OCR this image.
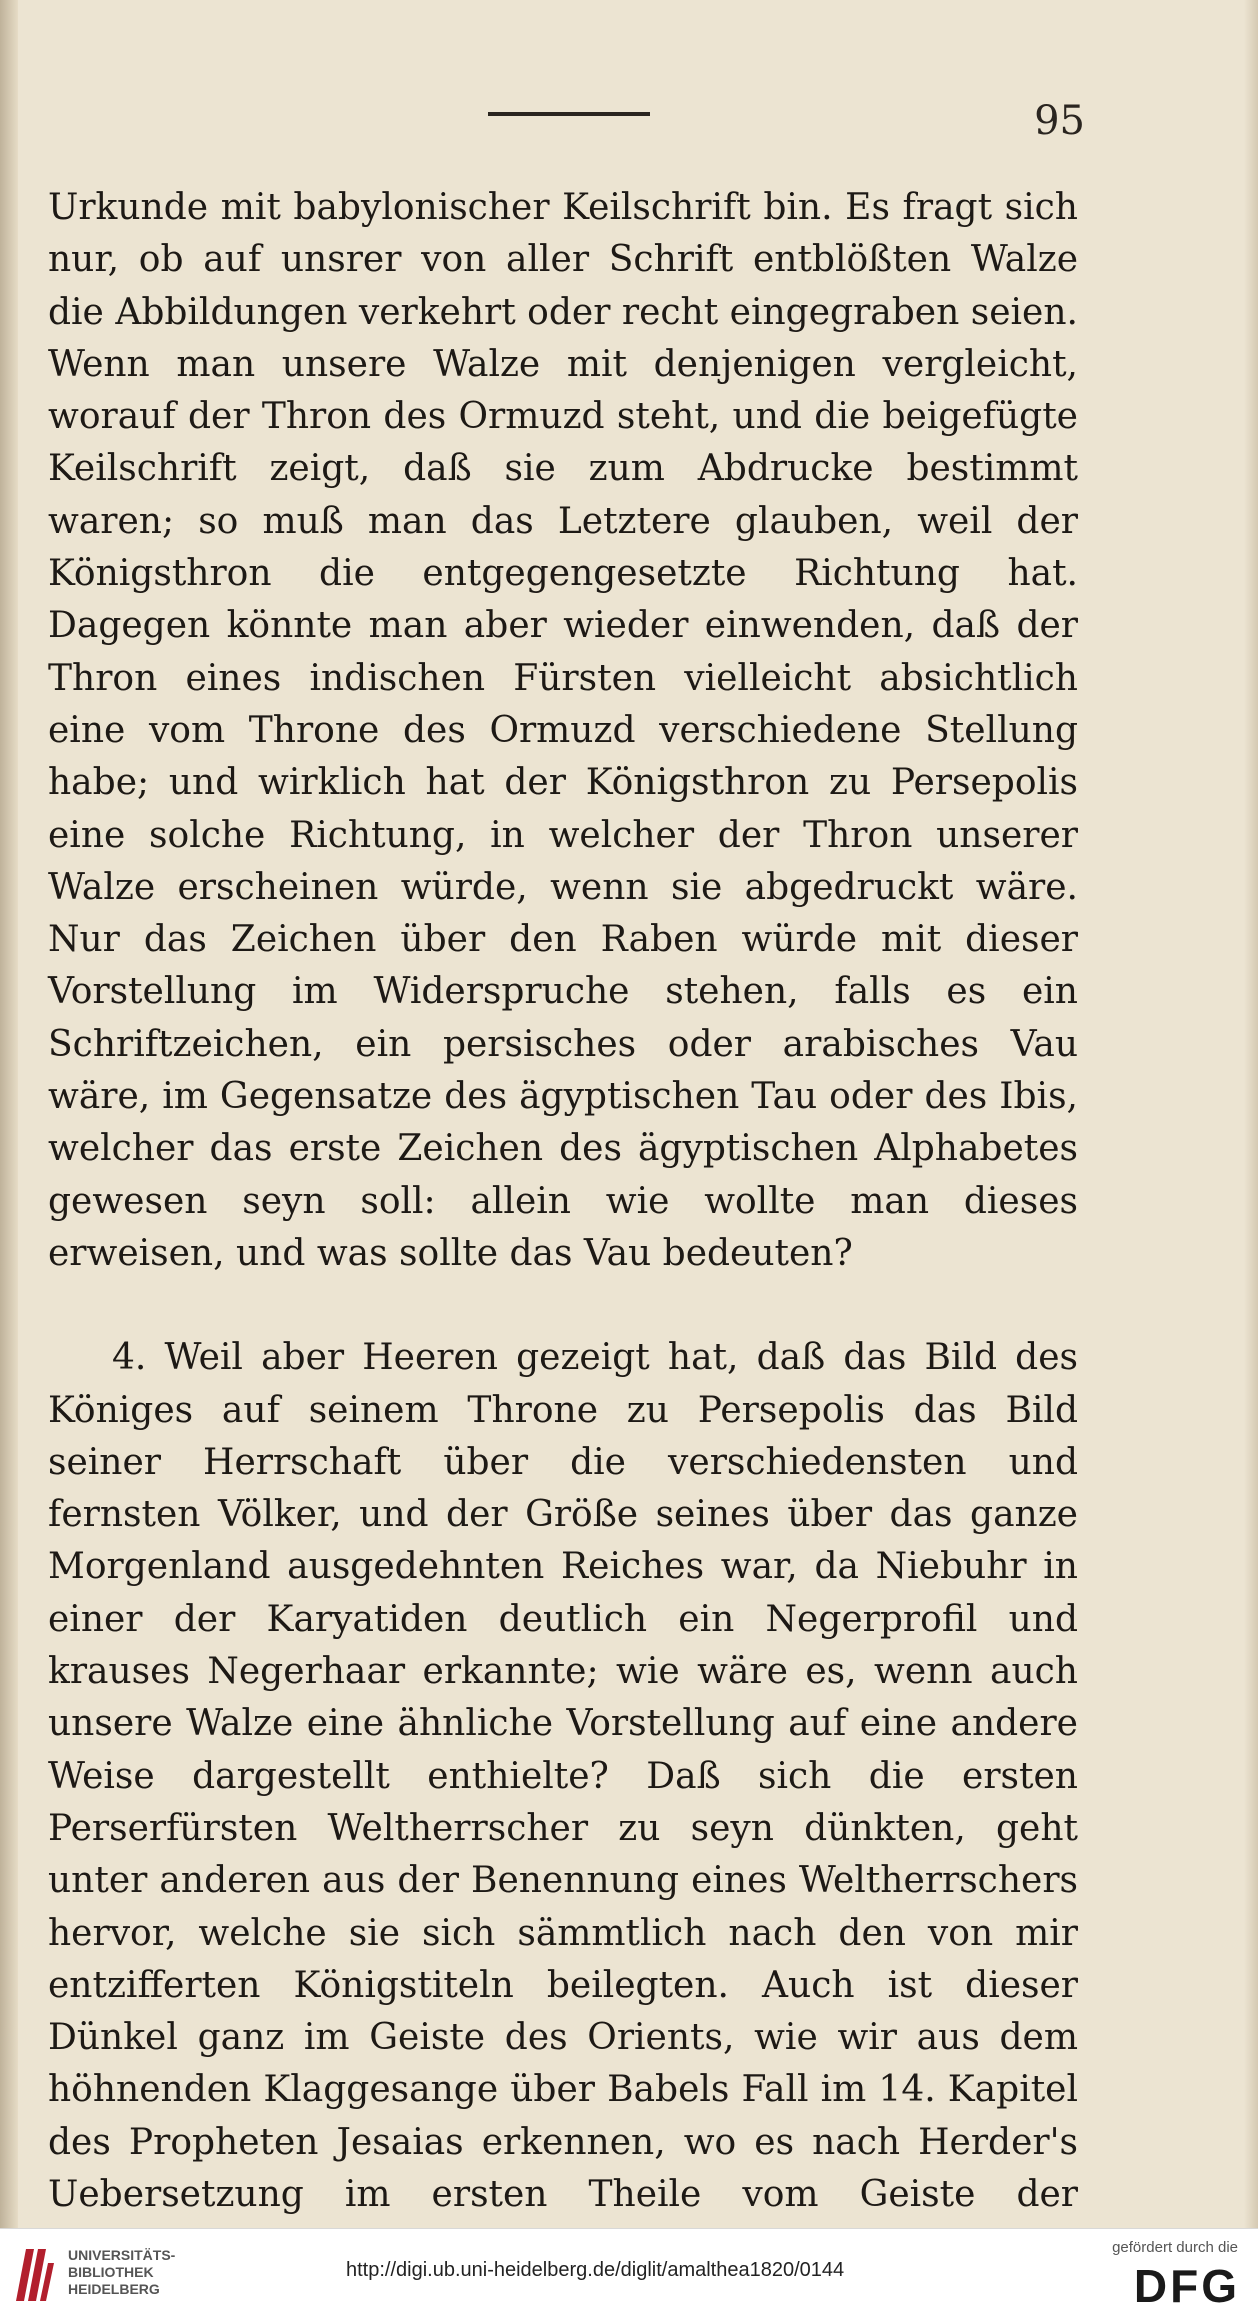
95

Urkunde mit babylonischer Keilschrift bin. Es fragt sich nur, ob auf unsrer von aller Schrift entblößten Walze die Abbildungen verkehrt oder recht eingegraben seien. Wenn man unsere Walze mit denjenigen vergleicht, worauf der Thron des Ormuzd steht, und die beigefügte Keilschrift zeigt, daß sie zum Abdrucke bestimmt waren; so muß man das Letztere glauben, weil der Königsthron die entgegengesetzte Richtung hat. Dagegen könnte man aber wieder einwenden, daß der Thron eines indischen Fürsten vielleicht absichtlich eine vom Throne des Ormuzd verschiedene Stellung habe; und wirklich hat der Königsthron zu Persepolis eine solche Richtung, in welcher der Thron unserer Walze erscheinen würde, wenn sie abgedruckt wäre. Nur das Zeichen über den Raben würde mit dieser Vorstellung im Widerspruche stehen, falls es ein Schriftzeichen, ein persisches oder arabisches Vau wäre, im Gegensatze des ägyptischen Tau oder des Ibis, welcher das erste Zeichen des ägyptischen Alphabetes gewesen seyn soll: allein wie wollte man dieses erweisen, und was sollte das Vau bedeuten?

4. Weil aber Heeren gezeigt hat, daß das Bild des Königes auf seinem Throne zu Persepolis das Bild seiner Herrschaft über die verschiedensten und fernsten Völker, und der Größe seines über das ganze Morgenland ausgedehnten Reiches war, da Niebuhr in einer der Karyatiden deutlich ein Negerprofil und krauses Negerhaar erkannte; wie wäre es, wenn auch unsere Walze eine ähnliche Vorstellung auf eine andere Weise dargestellt enthielte? Daß sich die ersten Perserfürsten Weltherrscher zu seyn dünkten, geht unter anderen aus der Benennung eines Weltherrschers hervor, welche sie sich sämmtlich nach den von mir entzifferten Königstiteln beilegten. Auch ist dieser Dünkel ganz im Geiste des Orients, wie wir aus dem höhnenden Klaggesange über Babels Fall im 14. Kapitel des Propheten Jesaias erkennen, wo es nach Herder's Uebersetzung im ersten Theile vom Geiste der

UNIVERSITÄTS-
BIBLIOTHEK
HEIDELBERG
http://digi.ub.uni-heidelberg.de/diglit/amalthea1820/0144
gefördert durch die
DFG
